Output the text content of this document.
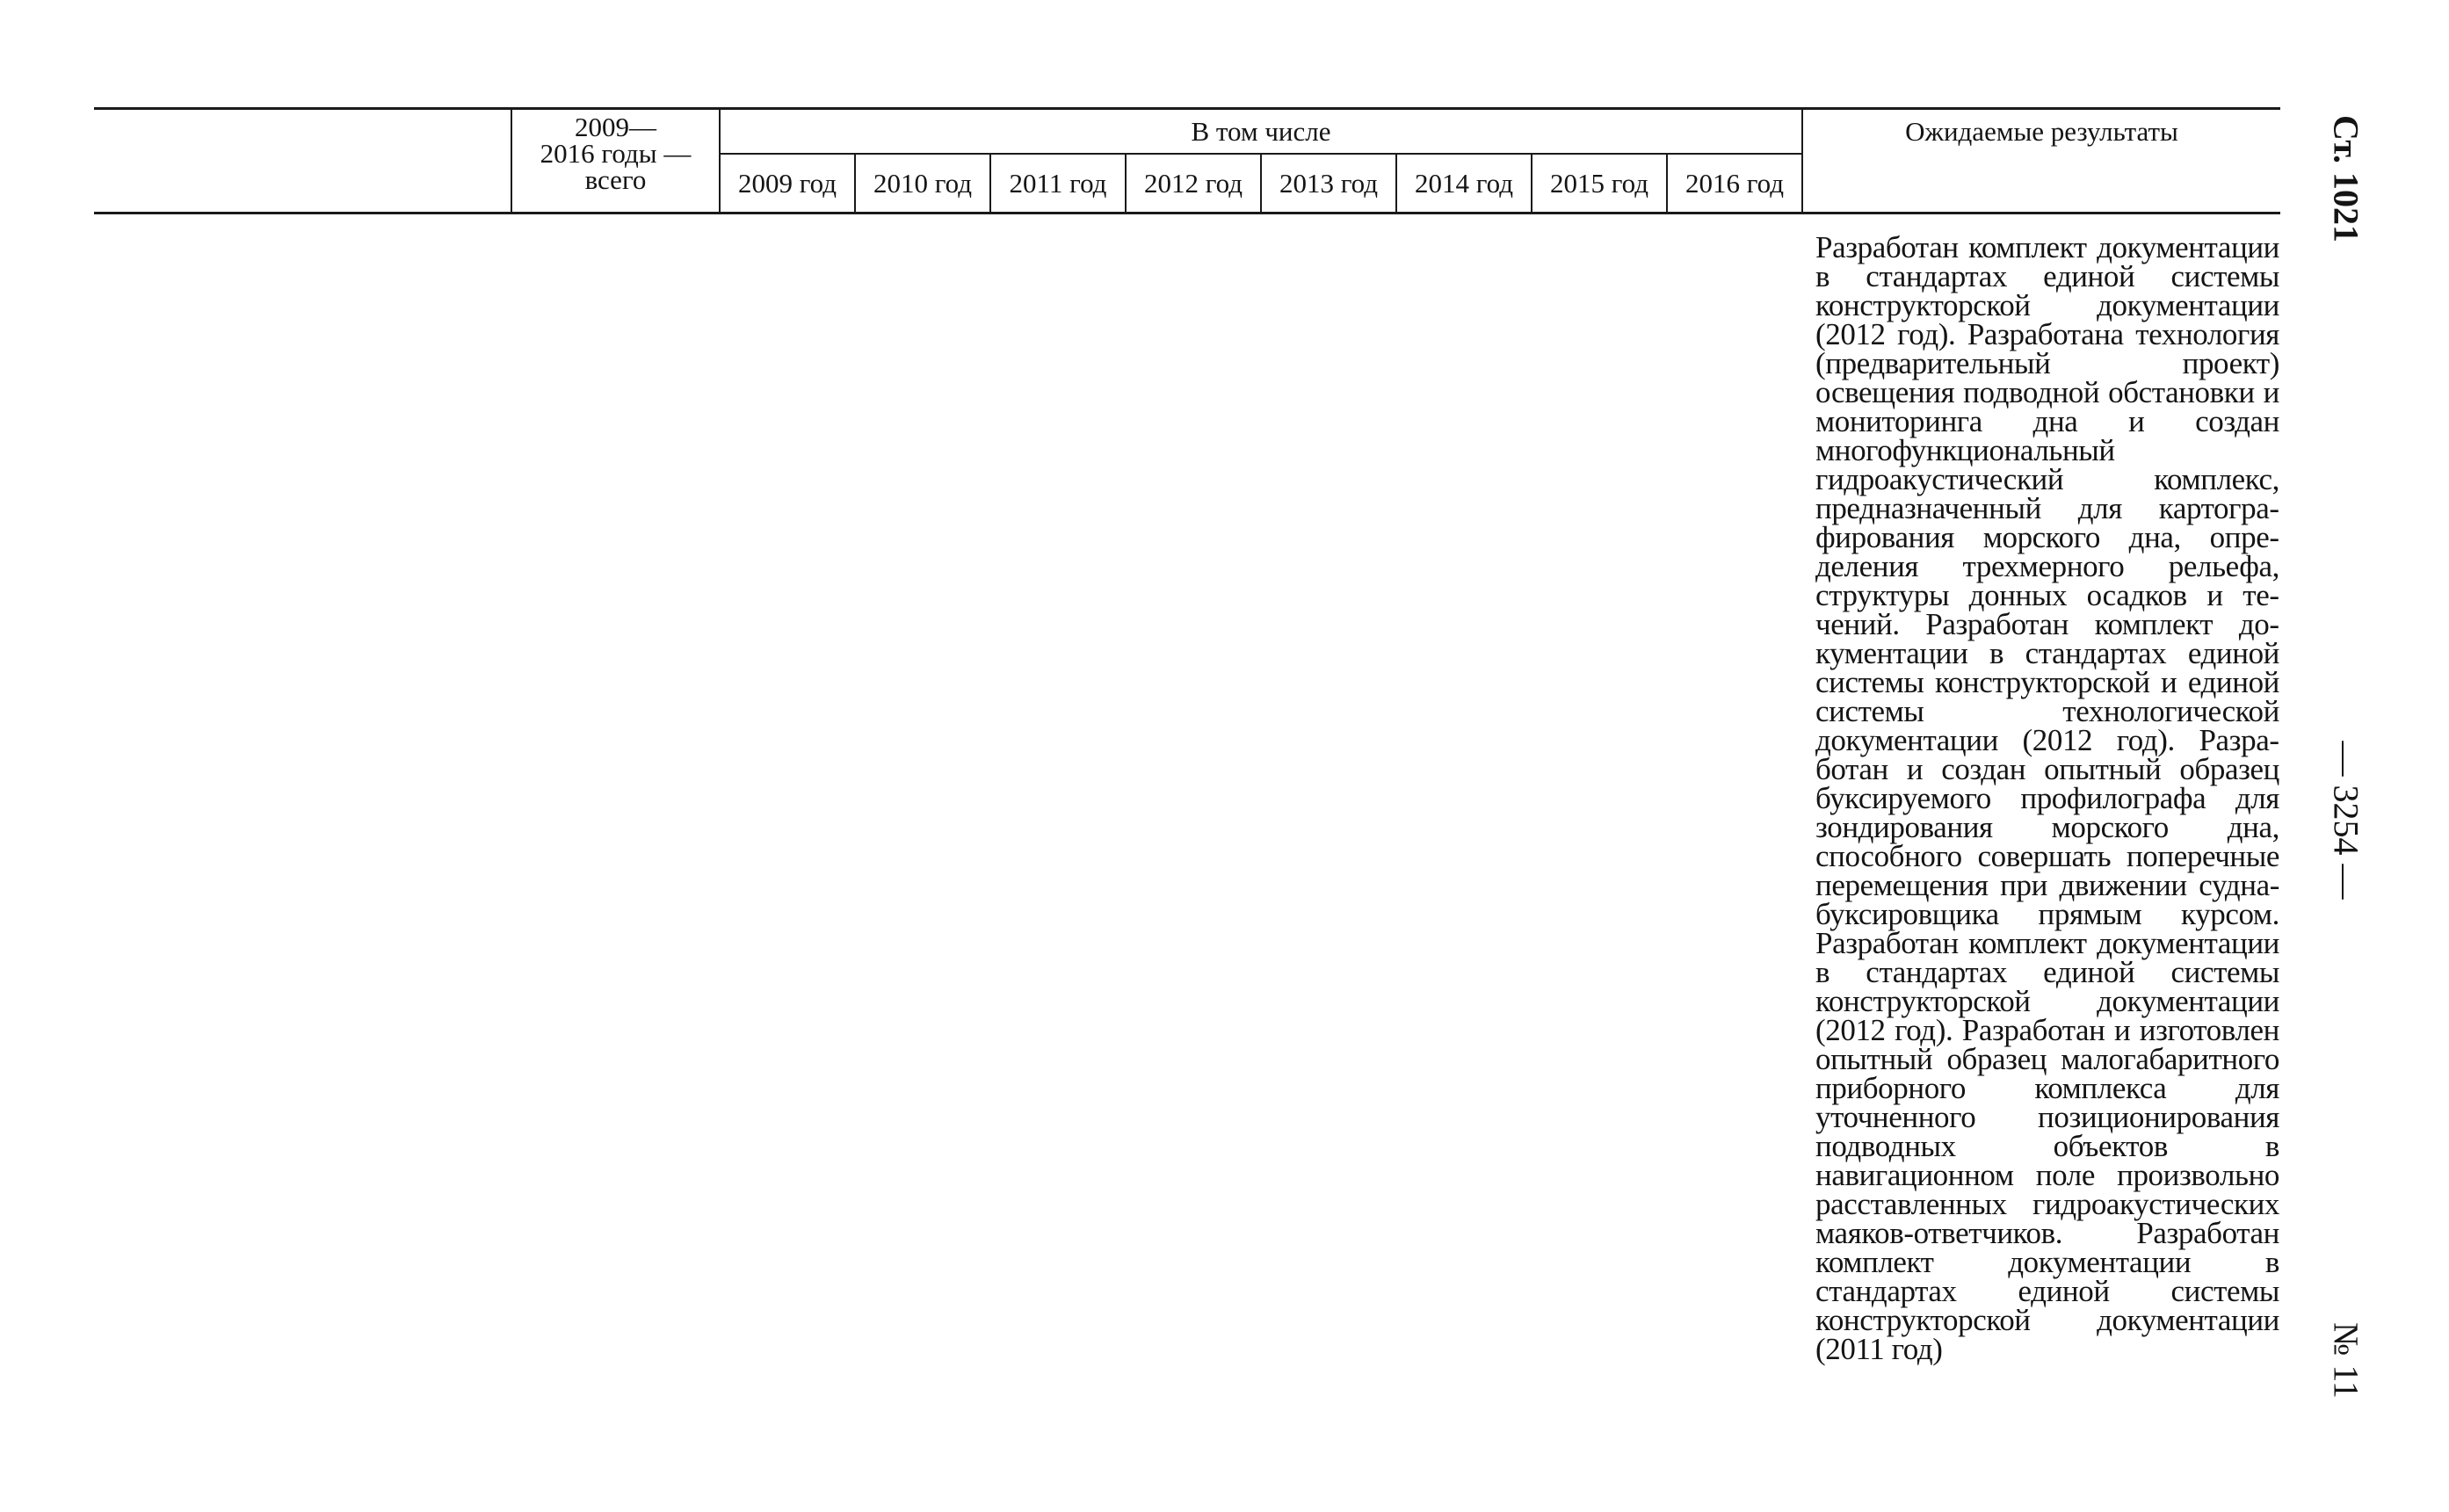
2009—
2016 годы —
всего
В том числе
2009 год	2010 год	2011 год	2012 год	2013 год	2014 год	2015 год	2016 год
Ожидаемые результаты
Разработан комплект документации в стандартах единой системы конструкторской документации (2012 год). Разработана технология (предварительный проект) освещения подводной обстановки и мониторинга дна и создан многофункциональный гидроакустический комплекс, предназначенный для картографирования морского дна, определения трехмерного рельефа, структуры донных осадков и течений. Разработан комплект документации в стандартах единой системы конструкторской и единой системы технологической документации (2012 год). Разработан и создан опытный образец буксируемого профилографа для зондирования морского дна, способного совершать поперечные перемещения при движении судна-буксировщика прямым курсом. Разработан комплект документации в стандартах единой системы конструкторской документации (2012 год). Разработан и изготовлен опытный образец малогабаритного приборного комплекса для уточненного позиционирования подводных объектов в навигационном поле произвольно расставленных гидроакустических маяков-ответчиков. Разработан комплект документации в стандартах единой системы конструкторской документации (2011 год)
Ст. 1021
— 3254 —
№ 11
